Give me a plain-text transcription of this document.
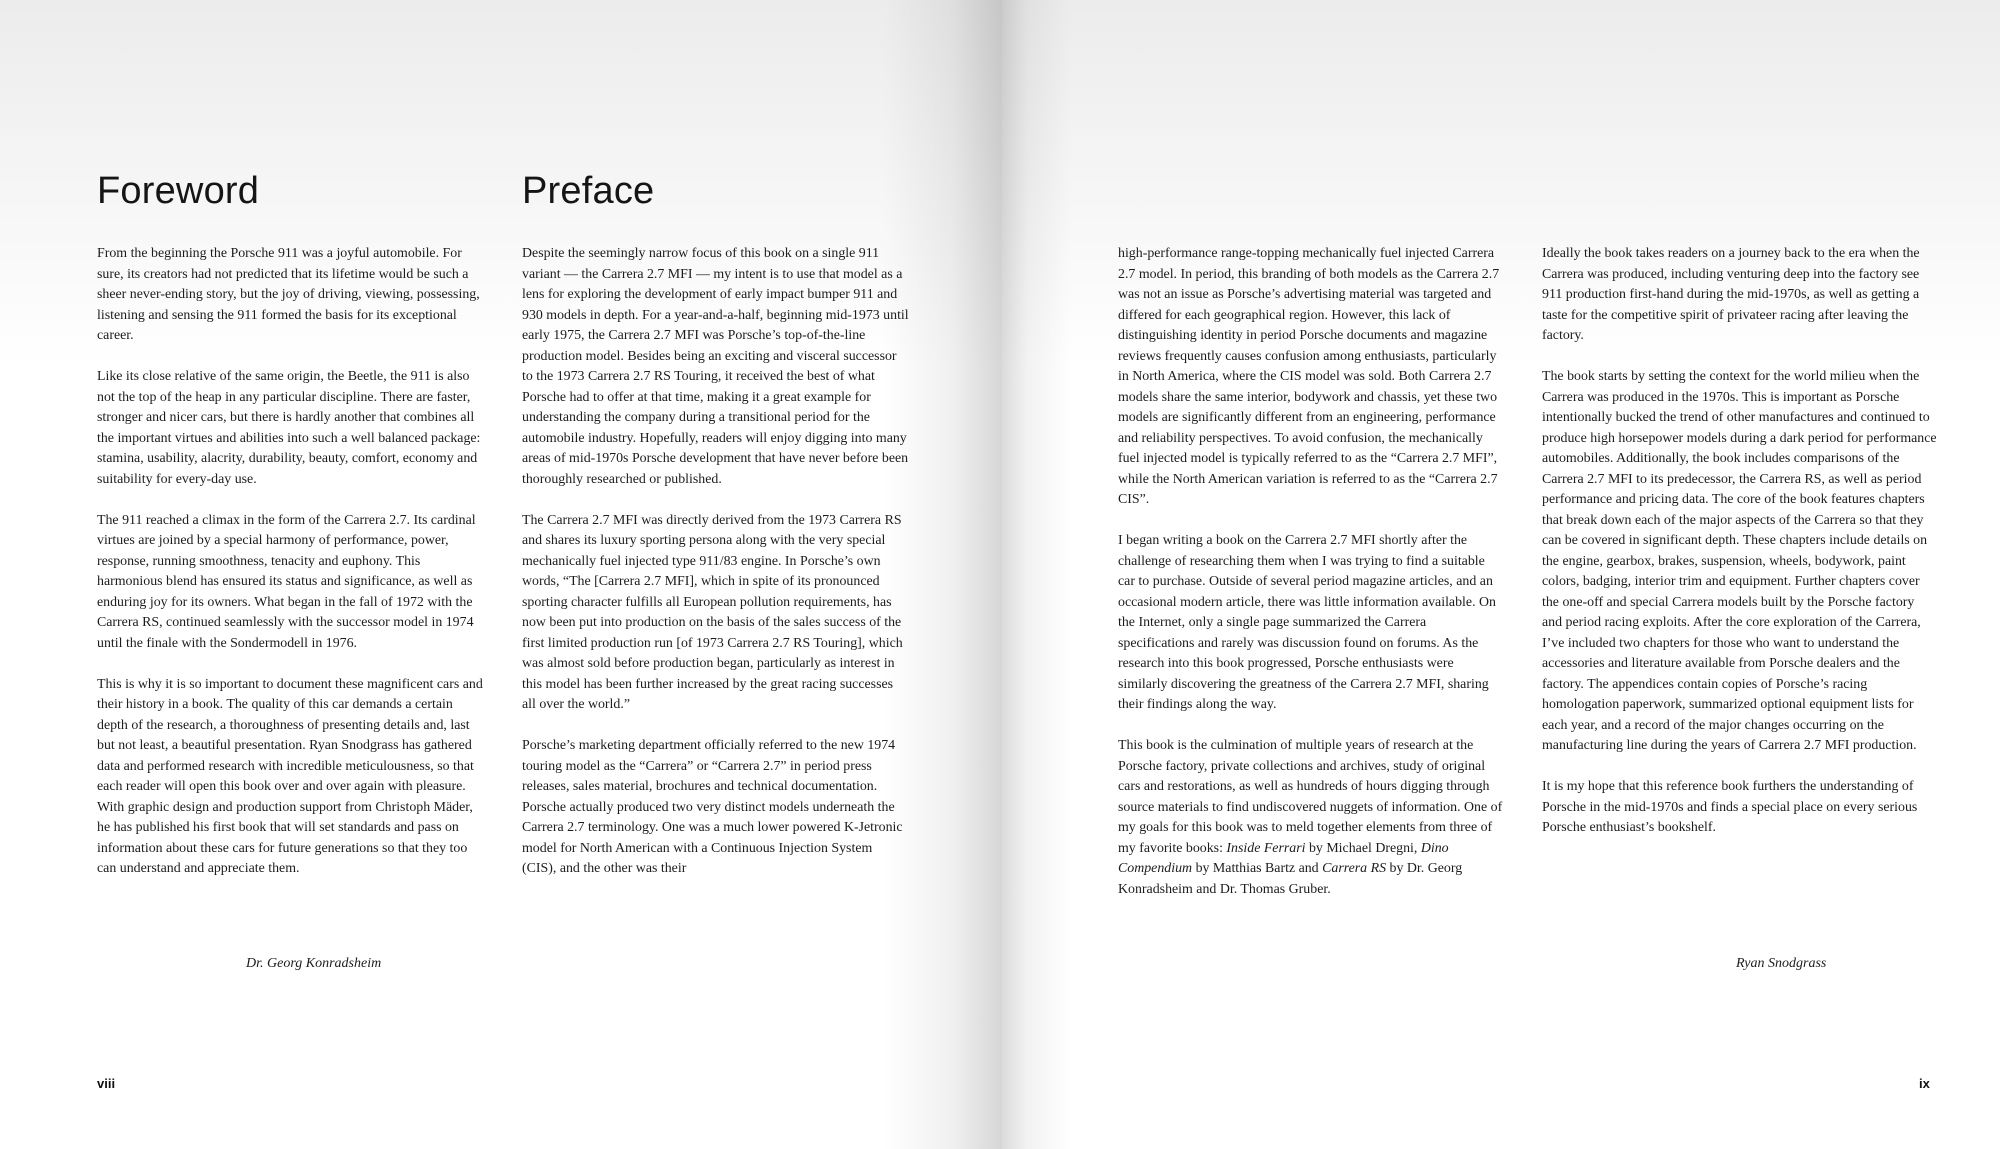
Foreword

From the beginning the Porsche 911 was a joyful automobile. For sure, its creators had not predicted that its lifetime would be such a sheer never-ending story, but the joy of driving, viewing, possessing, listening and sensing the 911 formed the basis for its exceptional career.

Like its close relative of the same origin, the Beetle, the 911 is also not the top of the heap in any particular discipline. There are faster, stronger and nicer cars, but there is hardly another that combines all the important virtues and abilities into such a well balanced package: stamina, usability, alacrity, durability, beauty, comfort, economy and suitability for every-day use.

The 911 reached a climax in the form of the Carrera 2.7. Its cardinal virtues are joined by a special harmony of performance, power, response, running smoothness, tenacity and euphony. This harmonious blend has ensured its status and significance, as well as enduring joy for its owners. What began in the fall of 1972 with the Carrera RS, continued seamlessly with the successor model in 1974 until the finale with the Sondermodell in 1976.

This is why it is so important to document these magnificent cars and their history in a book. The quality of this car demands a certain depth of the research, a thoroughness of presenting details and, last but not least, a beautiful presentation. Ryan Snodgrass has gathered data and performed research with incredible meticulousness, so that each reader will open this book over and over again with pleasure. With graphic design and production support from Christoph Mäder, he has published his first book that will set standards and pass on information about these cars for future generations so that they too can understand and appreciate them.

Dr. Georg Konradsheim

Preface

Despite the seemingly narrow focus of this book on a single 911 variant — the Carrera 2.7 MFI — my intent is to use that model as a lens for exploring the development of early impact bumper 911 and 930 models in depth. For a year-and-a-half, beginning mid-1973 until early 1975, the Carrera 2.7 MFI was Porsche’s top-of-the-line production model. Besides being an exciting and visceral successor to the 1973 Carrera 2.7 RS Touring, it received the best of what Porsche had to offer at that time, making it a great example for understanding the company during a transitional period for the automobile industry. Hopefully, readers will enjoy digging into many areas of mid-1970s Porsche development that have never before been thoroughly researched or published.

The Carrera 2.7 MFI was directly derived from the 1973 Carrera RS and shares its luxury sporting persona along with the very special mechanically fuel injected type 911/83 engine. In Porsche’s own words, “The [Carrera 2.7 MFI], which in spite of its pronounced sporting character fulfills all European pollution requirements, has now been put into production on the basis of the sales success of the first limited production run [of 1973 Carrera 2.7 RS Touring], which was almost sold before production began, particularly as interest in this model has been further increased by the great racing successes all over the world.”

Porsche’s marketing department officially referred to the new 1974 touring model as the “Carrera” or “Carrera 2.7” in period press releases, sales material, brochures and technical documentation. Porsche actually produced two very distinct models underneath the Carrera 2.7 terminology. One was a much lower powered K-Jetronic model for North American with a Continuous Injection System (CIS), and the other was their

viii

high-performance range-topping mechanically fuel injected Carrera 2.7 model. In period, this branding of both models as the Carrera 2.7 was not an issue as Porsche’s advertising material was targeted and differed for each geographical region. However, this lack of distinguishing identity in period Porsche documents and magazine reviews frequently causes confusion among enthusiasts, particularly in North America, where the CIS model was sold. Both Carrera 2.7 models share the same interior, bodywork and chassis, yet these two models are significantly different from an engineering, performance and reliability perspectives. To avoid confusion, the mechanically fuel injected model is typically referred to as the “Carrera 2.7 MFI”, while the North American variation is referred to as the “Carrera 2.7 CIS”.

I began writing a book on the Carrera 2.7 MFI shortly after the challenge of researching them when I was trying to find a suitable car to purchase. Outside of several period magazine articles, and an occasional modern article, there was little information available. On the Internet, only a single page summarized the Carrera specifications and rarely was discussion found on forums. As the research into this book progressed, Porsche enthusiasts were similarly discovering the greatness of the Carrera 2.7 MFI, sharing their findings along the way.

This book is the culmination of multiple years of research at the Porsche factory, private collections and archives, study of original cars and restorations, as well as hundreds of hours digging through source materials to find undiscovered nuggets of information. One of my goals for this book was to meld together elements from three of my favorite books: Inside Ferrari by Michael Dregni, Dino Compendium by Matthias Bartz and Carrera RS by Dr. Georg Konradsheim and Dr. Thomas Gruber.

Ideally the book takes readers on a journey back to the era when the Carrera was produced, including venturing deep into the factory see 911 production first-hand during the mid-1970s, as well as getting a taste for the competitive spirit of privateer racing after leaving the factory.

The book starts by setting the context for the world milieu when the Carrera was produced in the 1970s. This is important as Porsche intentionally bucked the trend of other manufactures and continued to produce high horsepower models during a dark period for performance automobiles. Additionally, the book includes comparisons of the Carrera 2.7 MFI to its predecessor, the Carrera RS, as well as period performance and pricing data. The core of the book features chapters that break down each of the major aspects of the Carrera so that they can be covered in significant depth. These chapters include details on the engine, gearbox, brakes, suspension, wheels, bodywork, paint colors, badging, interior trim and equipment. Further chapters cover the one-off and special Carrera models built by the Porsche factory and period racing exploits. After the core exploration of the Carrera, I’ve included two chapters for those who want to understand the accessories and literature available from Porsche dealers and the factory. The appendices contain copies of Porsche’s racing homologation paperwork, summarized optional equipment lists for each year, and a record of the major changes occurring on the manufacturing line during the years of Carrera 2.7 MFI production.

It is my hope that this reference book furthers the understanding of Porsche in the mid-1970s and finds a special place on every serious Porsche enthusiast’s bookshelf.

Ryan Snodgrass

ix
